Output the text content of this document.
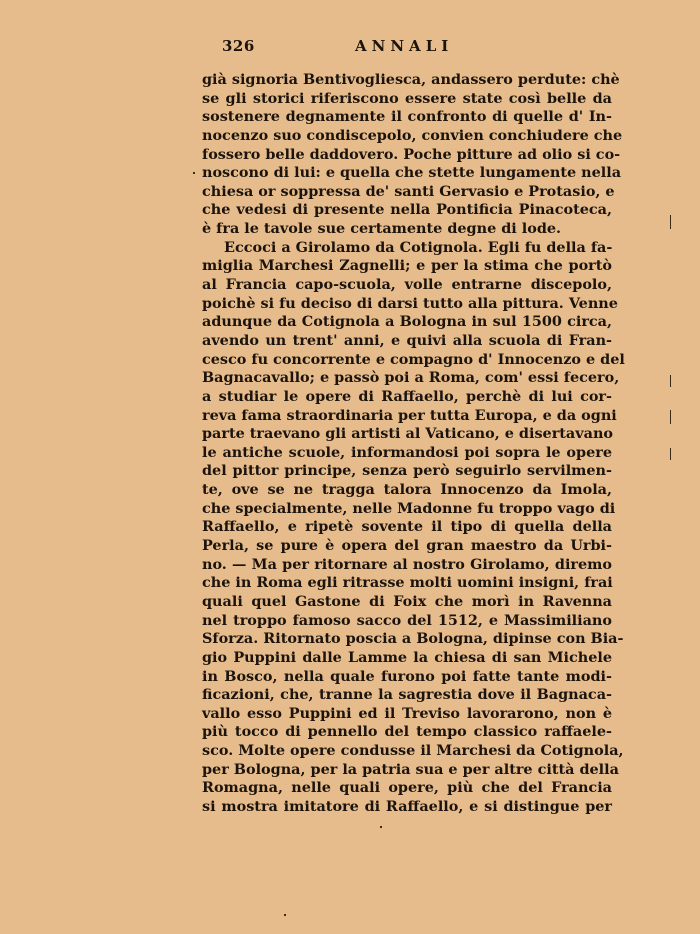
326	ANNALI
già signoria Bentivogliesca, andassero perdute: chè
se gli storici riferiscono essere state così belle da
sostenere degnamente il confronto di quelle d' In-
nocenzo suo condiscepolo, convien conchiudere che
fossero belle daddovero. Poche pitture ad olio si co-
noscono di lui: e quella che stette lungamente nella
chiesa or soppressa de' santi Gervasio e Protasio, e
che vedesi di presente nella Pontificia Pinacoteca,
è fra le tavole sue certamente degne di lode.
Eccoci a Girolamo da Cotignola. Egli fu della fa-
miglia Marchesi Zagnelli; e per la stima che portò
al Francia capo-scuola, volle entrarne discepolo,
poichè si fu deciso di darsi tutto alla pittura. Venne
adunque da Cotignola a Bologna in sul 1500 circa,
avendo un trent' anni, e quivi alla scuola di Fran-
cesco fu concorrente e compagno d' Innocenzo e del
Bagnacavallo; e passò poi a Roma, com' essi fecero,
a studiar le opere di Raffaello, perchè di lui cor-
reva fama straordinaria per tutta Europa, e da ogni
parte traevano gli artisti al Vaticano, e disertavano
le antiche scuole, informandosi poi sopra le opere
del pittor principe, senza però seguirlo servilmen-
te, ove se ne tragga talora Innocenzo da Imola,
che specialmente, nelle Madonne fu troppo vago di
Raffaello, e ripetè sovente il tipo di quella della
Perla, se pure è opera del gran maestro da Urbi-
no. — Ma per ritornare al nostro Girolamo, diremo
che in Roma egli ritrasse molti uomini insigni, frai
quali quel Gastone di Foix che morì in Ravenna
nel troppo famoso sacco del 1512, e Massimiliano
Sforza. Ritornato poscia a Bologna, dipinse con Bia-
gio Puppini dalle Lamme la chiesa di san Michele
in Bosco, nella quale furono poi fatte tante modi-
ficazioni, che, tranne la sagrestia dove il Bagnaca-
vallo esso Puppini ed il Treviso lavorarono, non è
più tocco di pennello del tempo classico raffaele-
sco. Molte opere condusse il Marchesi da Cotignola,
per Bologna, per la patria sua e per altre città della
Romagna, nelle quali opere, più che del Francia
si mostra imitatore di Raffaello, e si distingue per
